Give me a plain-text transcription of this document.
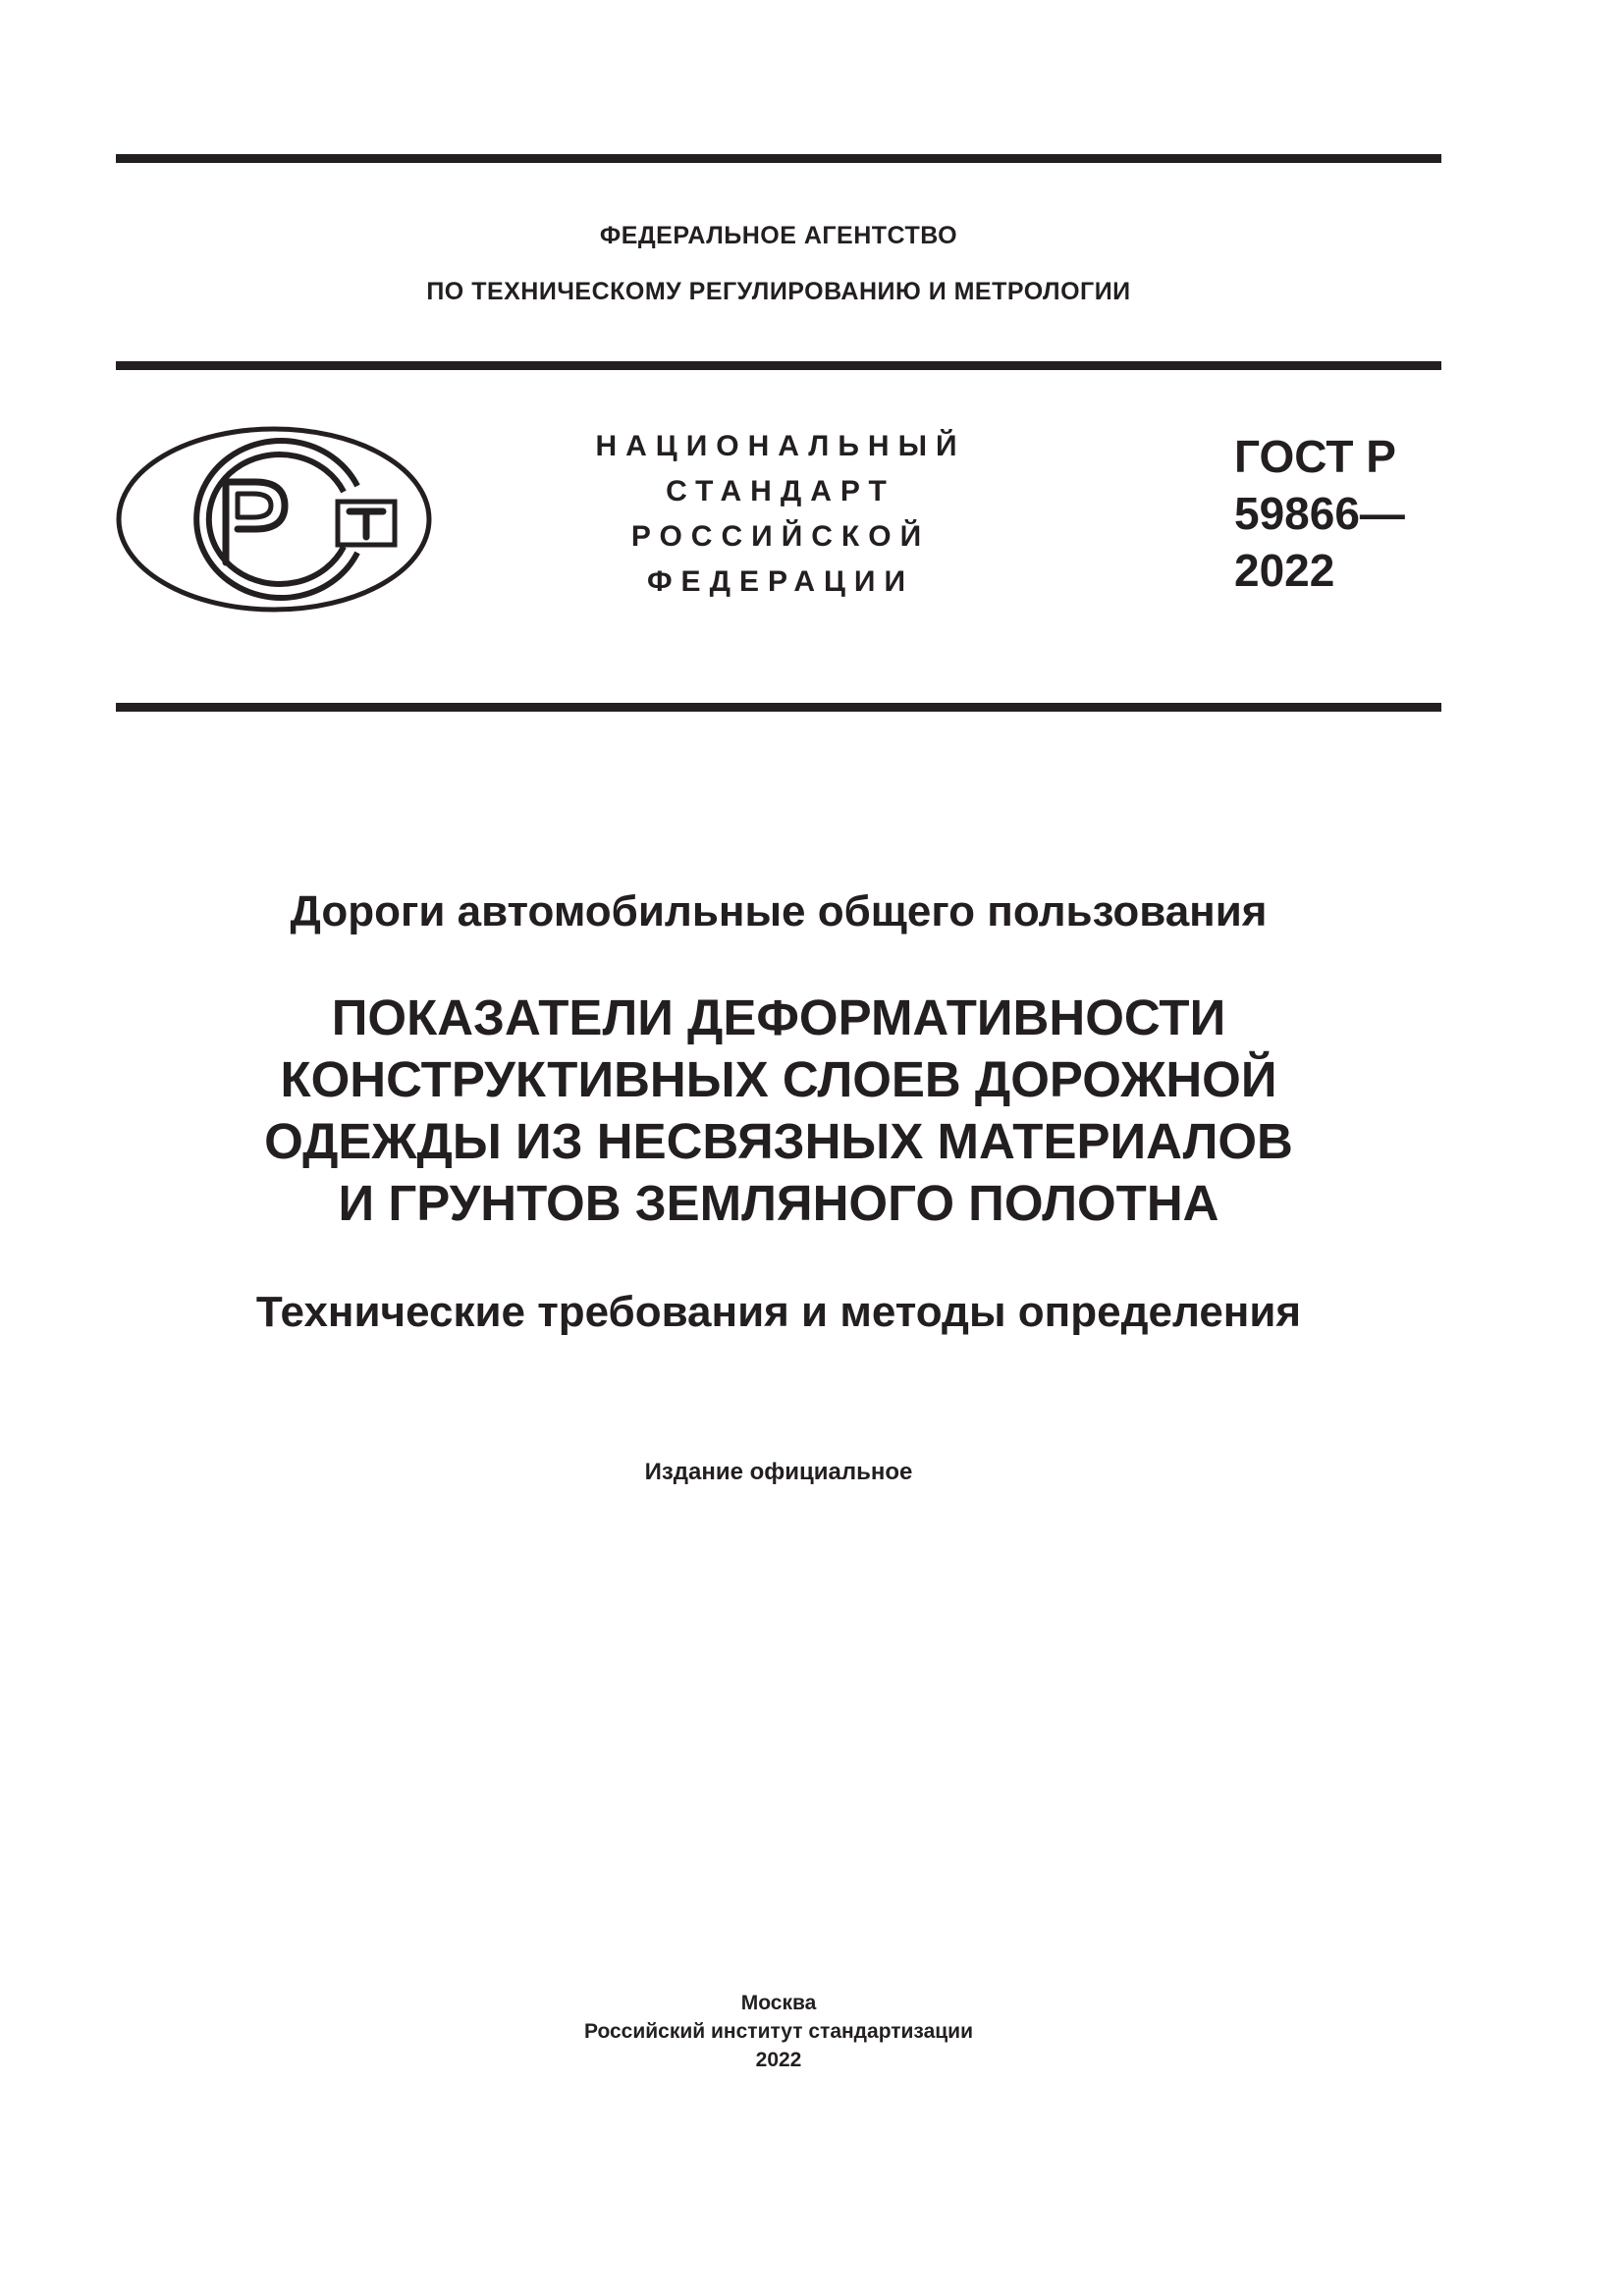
ФЕДЕРАЛЬНОЕ АГЕНТСТВО
ПО ТЕХНИЧЕСКОМУ РЕГУЛИРОВАНИЮ И МЕТРОЛОГИИ
НАЦИОНАЛЬНЫЙ
СТАНДАРТ
РОССИЙСКОЙ
ФЕДЕРАЦИИ
ГОСТ Р
59866—
2022
Дороги автомобильные общего пользования
ПОКАЗАТЕЛИ ДЕФОРМАТИВНОСТИ
КОНСТРУКТИВНЫХ СЛОЕВ ДОРОЖНОЙ
ОДЕЖДЫ ИЗ НЕСВЯЗНЫХ МАТЕРИАЛОВ
И ГРУНТОВ ЗЕМЛЯНОГО ПОЛОТНА
Технические требования и методы определения
Издание официальное
Москва
Российский институт стандартизации
2022
